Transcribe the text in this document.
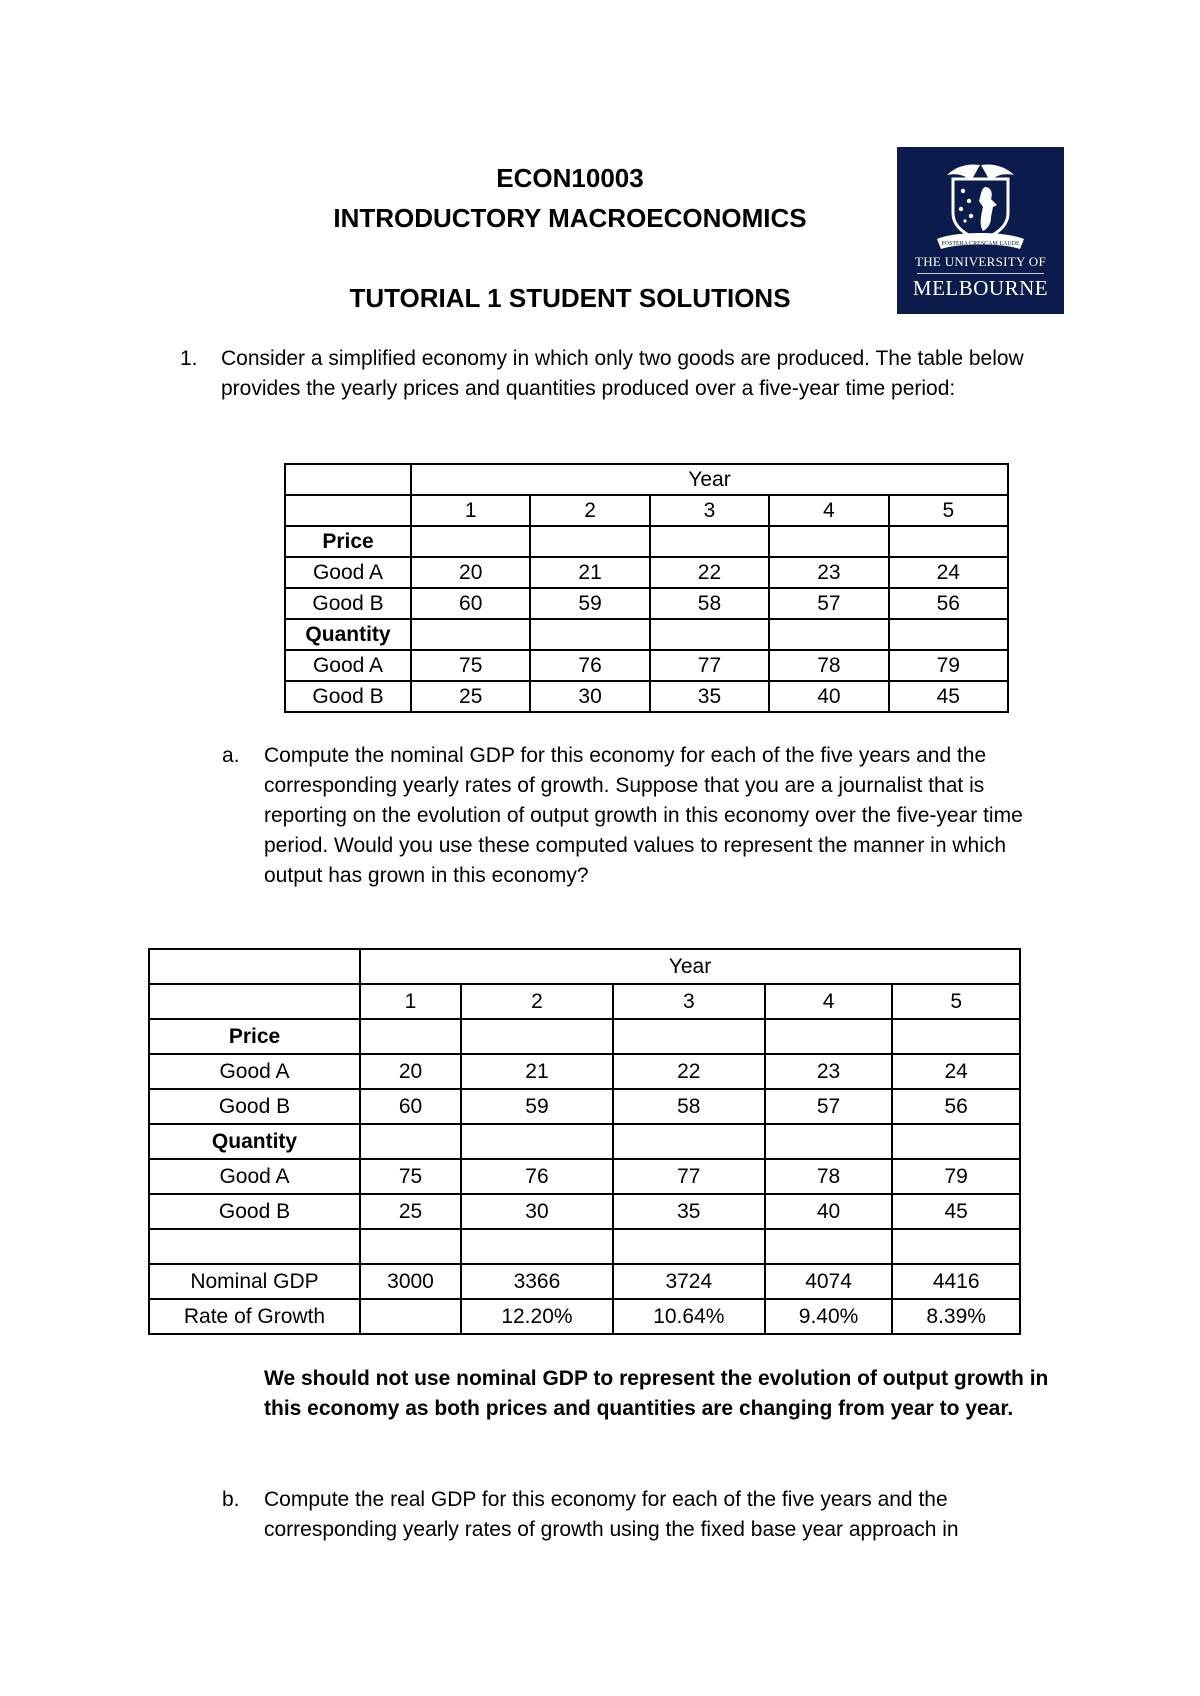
ECON10003
INTRODUCTORY MACROECONOMICS
TUTORIAL 1 STUDENT SOLUTIONS
POSTERA CRESCAM LAUDE
THE UNIVERSITY OF
MELBOURNE
1. Consider a simplified economy in which only two goods are produced. The table below provides the yearly prices and quantities produced over a five-year time period:
	Year				
	1	2	3	4	5
Price					
Good A	20	21	22	23	24
Good B	60	59	58	57	56
Quantity					
Good A	75	76	77	78	79
Good B	25	30	35	40	45
a. Compute the nominal GDP for this economy for each of the five years and the corresponding yearly rates of growth. Suppose that you are a journalist that is reporting on the evolution of output growth in this economy over the five-year time period. Would you use these computed values to represent the manner in which output has grown in this economy?
	Year				
	1	2	3	4	5
Price					
Good A	20	21	22	23	24
Good B	60	59	58	57	56
Quantity					
Good A	75	76	77	78	79
Good B	25	30	35	40	45

Nominal GDP	3000	3366	3724	4074	4416
Rate of Growth		12.20%	10.64%	9.40%	8.39%
We should not use nominal GDP to represent the evolution of output growth in this economy as both prices and quantities are changing from year to year.
b. Compute the real GDP for this economy for each of the five years and the corresponding yearly rates of growth using the fixed base year approach in
